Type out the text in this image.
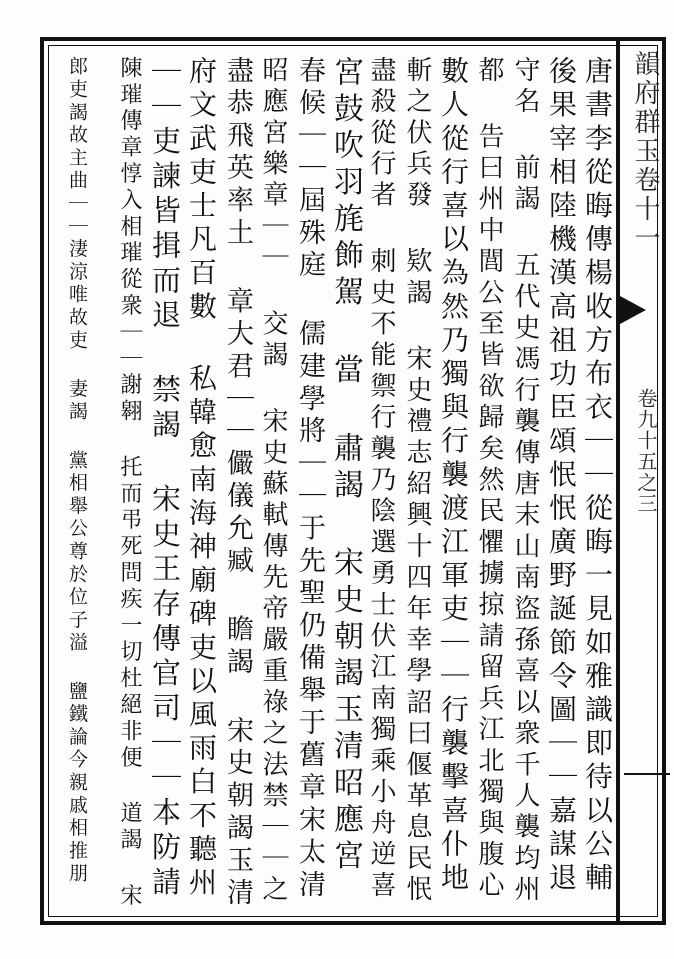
韻府群玉卷十一
卷九十五之三
唐書李從晦傳楊收方布衣｜｜從晦一見如雅識即待以公輔
後果宰相陸機漢高祖功臣頌怋怋廣野誕節令圖｜｜嘉謀退
守名 前謁 五代史馮行襲傳唐末山南盜孫喜以衆千人襲均州
都 告曰州中閭公至皆欲歸矣然民懼擄掠請留兵江北獨與腹心
數人從行喜以為然乃獨與行襲渡江軍吏｜｜行襲擊喜仆地
斬之伏兵發 欵謁 宋史禮志紹興十四年幸學詔曰偃革息民怋
盡殺從行者 刺史不能禦行襲乃陰選勇士伏江南獨乘小舟逆喜
宮鼓吹羽旄飾駕 當 肅謁 宋史朝謁玉清昭應宮
春候｜｜屆殊庭 儒建學將｜｜于先聖仍備舉于舊章宋太清
昭應宮樂章｜｜ 交謁 宋史蘇軾傳先帝嚴重祿之法禁｜｜之
盡恭飛英率土 章大君｜｜儼儀允臧 瞻謁 宋史朝謁玉清
府文武吏士凡百數 私韓愈南海神廟碑吏以風雨白不聽州
｜｜吏諫皆揖而退 禁謁 宋史王存傳官司｜｜本防請
陳璀傳章惇入相璀從衆｜｜謝翱 托而弔死問疾一切杜絕非便 道謁 宋
郎吏謁故主曲｜｜淒涼唯故吏 妻謁 黨相舉公尊於位子溢 鹽鐵論今親戚相推朋
